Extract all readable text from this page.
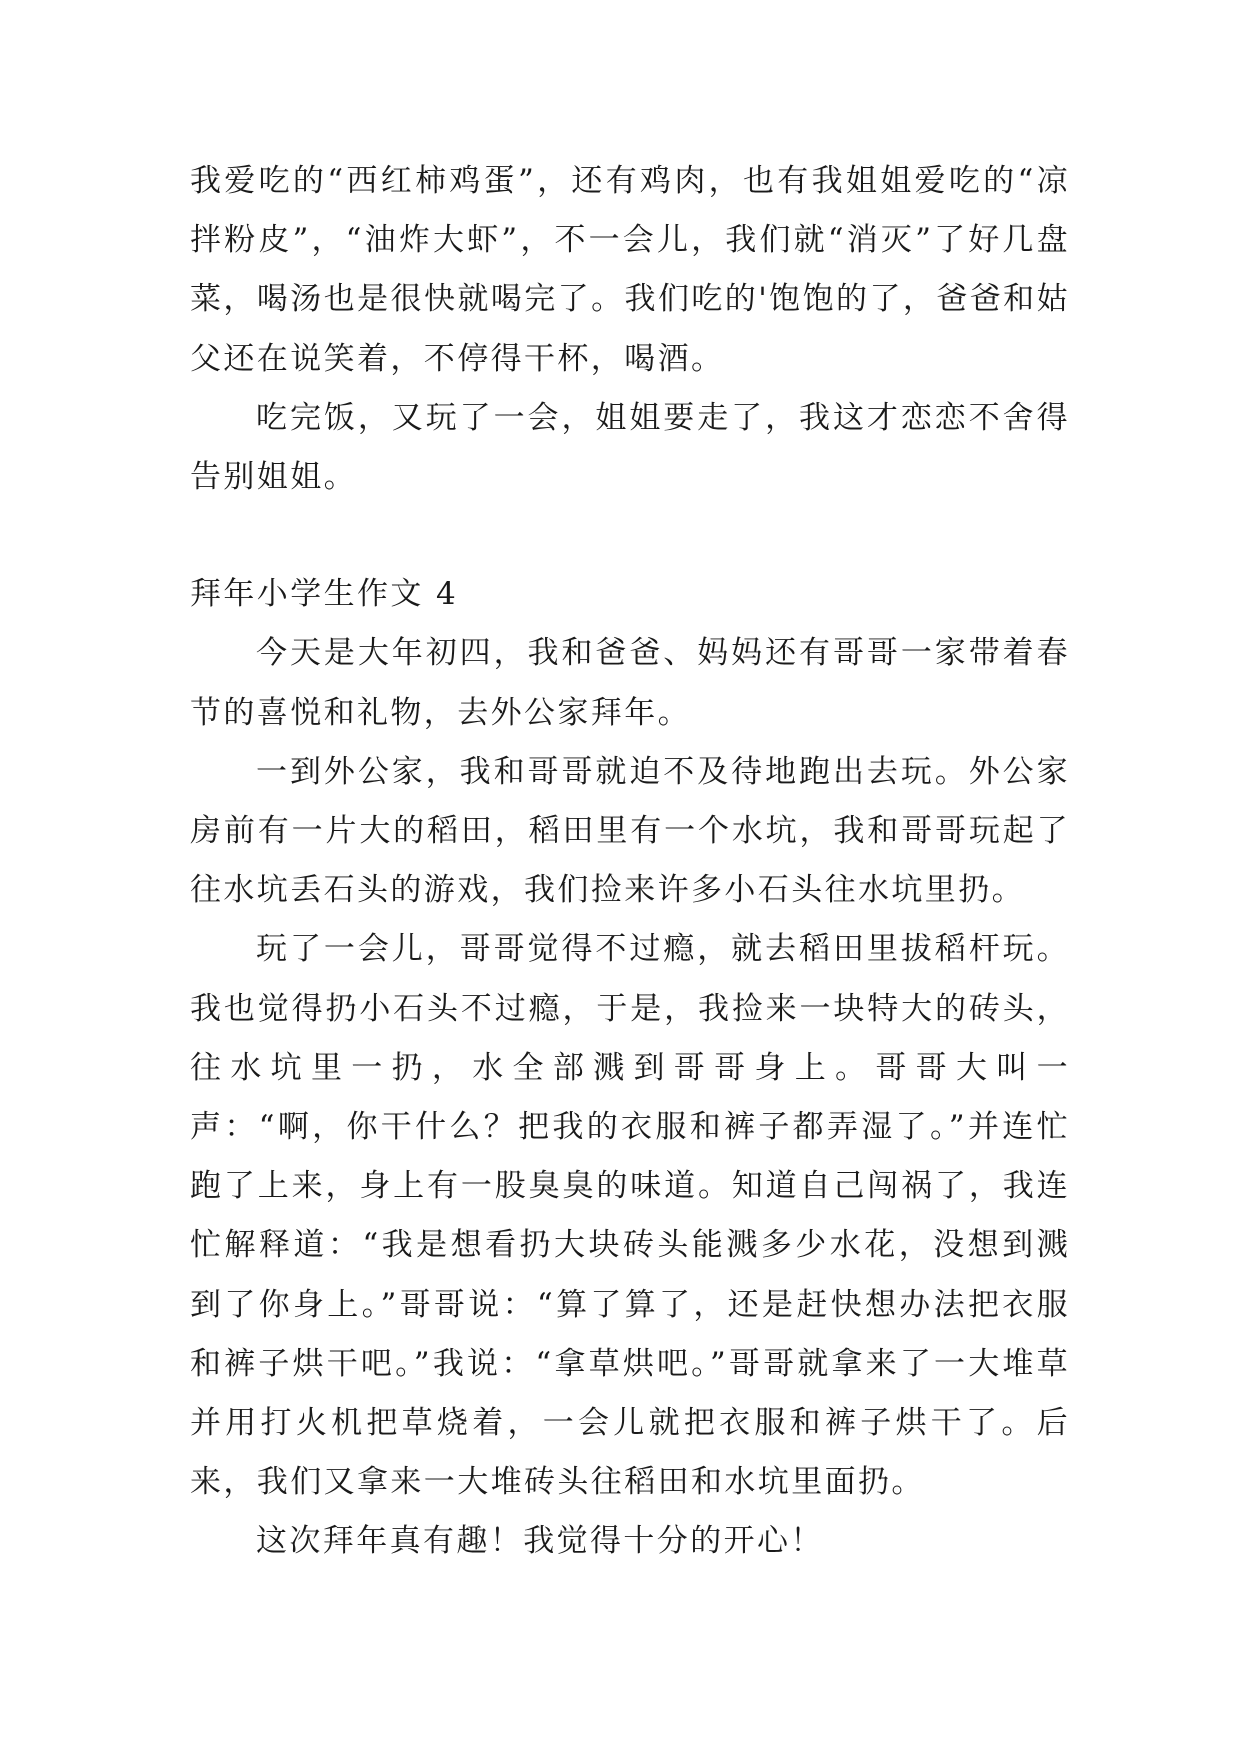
我爱吃的“西红柿鸡蛋”，还有鸡肉，也有我姐姐爱吃的“凉拌粉皮”，“油炸大虾”，不一会儿，我们就“消灭”了好几盘菜，喝汤也是很快就喝完了。我们吃的'饱饱的了，爸爸和姑父还在说笑着，不停得干杯，喝酒。

吃完饭，又玩了一会，姐姐要走了，我这才恋恋不舍得告别姐姐。

拜年小学生作文 4

今天是大年初四，我和爸爸、妈妈还有哥哥一家带着春节的喜悦和礼物，去外公家拜年。

一到外公家，我和哥哥就迫不及待地跑出去玩。外公家房前有一片大的稻田，稻田里有一个水坑，我和哥哥玩起了往水坑丢石头的游戏，我们捡来许多小石头往水坑里扔。

玩了一会儿，哥哥觉得不过瘾，就去稻田里拔稻杆玩。我也觉得扔小石头不过瘾，于是，我捡来一块特大的砖头，往水坑里一扔，水全部溅到哥哥身上。哥哥大叫一声：“啊，你干什么？把我的衣服和裤子都弄湿了。”并连忙跑了上来，身上有一股臭臭的味道。知道自己闯祸了，我连忙解释道：“我是想看扔大块砖头能溅多少水花，没想到溅到了你身上。”哥哥说：“算了算了，还是赶快想办法把衣服和裤子烘干吧。”我说：“拿草烘吧。”哥哥就拿来了一大堆草并用打火机把草烧着，一会儿就把衣服和裤子烘干了。后来，我们又拿来一大堆砖头往稻田和水坑里面扔。

这次拜年真有趣！我觉得十分的开心！
